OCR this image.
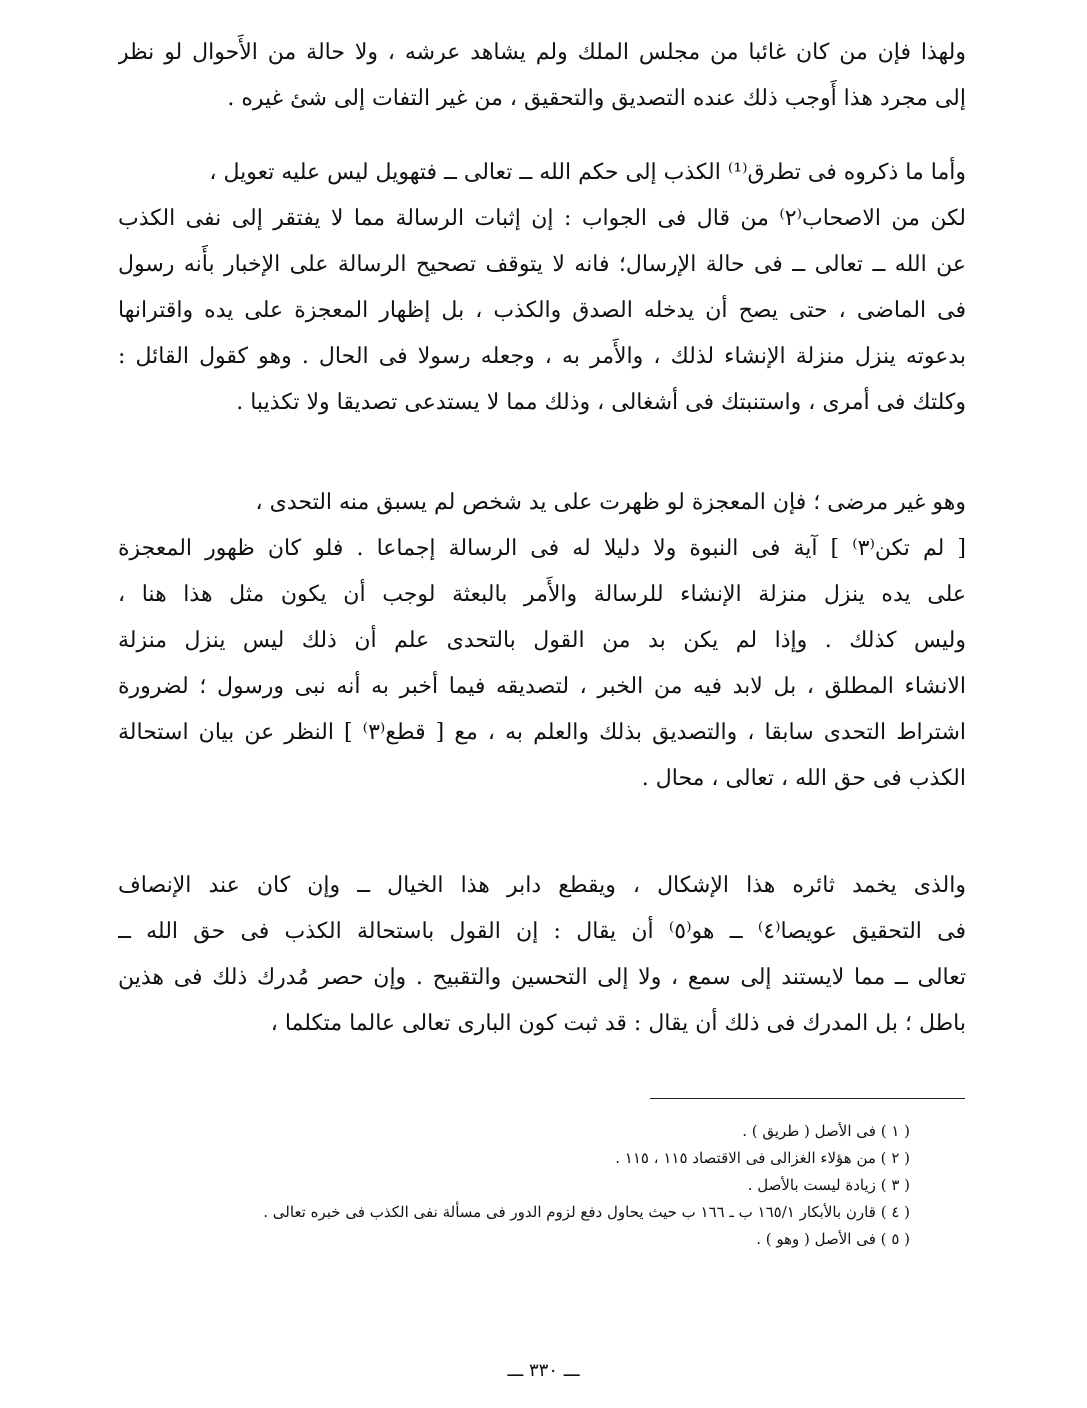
ولهذا فإن من كان غائبا من مجلس الملك ولم يشاهد عرشه ، ولا حالة من الأَحوال لو نظر
إلى مجرد هذا أَوجب ذلك عنده التصديق والتحقيق ، من غير التفات إلى شئ غيره .
وأما ما ذكروه فى تطرق⁽¹⁾ الكذب إلى حكم الله ــ تعالى ــ فتهويل ليس عليه تعويل ،
لكن من الاصحاب⁽٢⁾ من قال فى الجواب : إن إثبات الرسالة مما لا يفتقر إلى نفى الكذب
عن الله ــ تعالى ــ فى حالة الإرسال؛ فانه لا يتوقف تصحيح الرسالة على الإخبار بأَنه رسول
فى الماضى ، حتى يصح أن يدخله الصدق والكذب ، بل إظهار المعجزة على يده واقترانها
بدعوته ينزل منزلة الإنشاء لذلك ، والأَمر به ، وجعله رسولا فى الحال . وهو كقول القائل :
وكلتك فى أمرى ، واستنبتك فى أشغالى ، وذلك مما لا يستدعى تصديقا ولا تكذيبا .
وهو غير مرضى ؛ فإن المعجزة لو ظهرت على يد شخص لم يسبق منه التحدى ،
[ لم تكن⁽٣⁾ ] آية فى النبوة ولا دليلا له فى الرسالة إجماعا . فلو كان ظهور المعجزة
على يده ينزل منزلة الإنشاء للرسالة والأَمر بالبعثة لوجب أن يكون مثل هذا هنا ،
وليس كذلك . وإذا لم يكن بد من القول بالتحدى علم أن ذلك ليس ينزل منزلة
الانشاء المطلق ، بل لابد فيه من الخبر ، لتصديقه فيما أخبر به أنه نبى ورسول ؛ لضرورة
اشتراط التحدى سابقا ، والتصديق بذلك والعلم به ، مع [ قطع⁽٣⁾ ] النظر عن بيان استحالة
الكذب فى حق الله ، تعالى ، محال .
والذى يخمد ثائره هذا الإشكال ، ويقطع دابر هذا الخيال ــ وإن كان عند الإنصاف
فى التحقيق عويصا⁽٤⁾ ــ هو⁽٥⁾ أن يقال : إن القول باستحالة الكذب فى حق الله ــ
تعالى ــ مما لايستند إلى سمع ، ولا إلى التحسين والتقبيح . وإن حصر مُدرك ذلك فى هذين
باطل ؛ بل المدرك فى ذلك أن يقال : قد ثبت كون البارى تعالى عالما متكلما ،
( ١ ) فى الأصل ( طريق ) .
( ٢ ) من هؤلاء الغزالى فى الاقتصاد ١١٥ ، ١١٥ .
( ٣ ) زيادة ليست بالأصل .
( ٤ ) قارن بالأبكار ١٦٥/١ ب ـ ١٦٦ ب حيث يحاول دفع لزوم الدور فى مسألة نفى الكذب فى خبره تعالى .
( ٥ ) فى الأصل ( وهو ) .
ـــ ٣٣٠ ـــ
